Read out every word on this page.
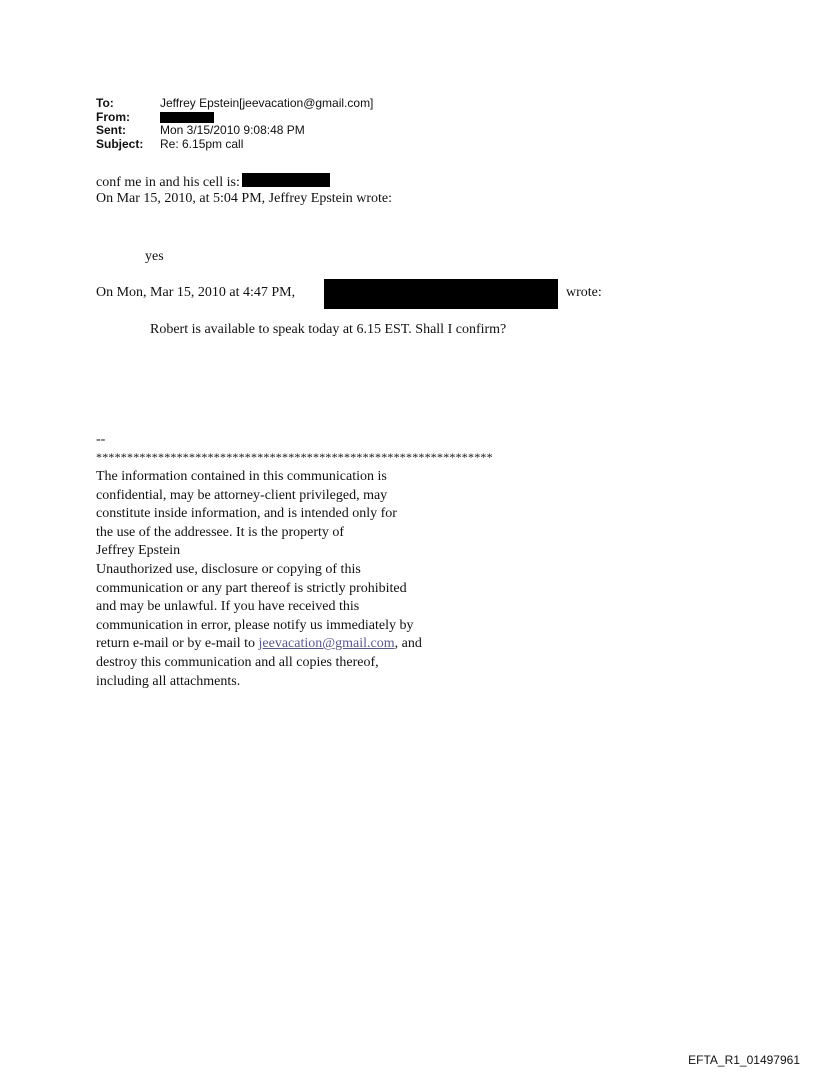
To:	Jeffrey Epstein[jeevacation@gmail.com]
From:
Sent:	Mon 3/15/2010 9:08:48 PM
Subject:	Re: 6.15pm call
conf me in and his cell is:
On Mar 15, 2010, at 5:04 PM, Jeffrey Epstein wrote:
yes
On Mon, Mar 15, 2010 at 4:47 PM,	wrote:
Robert is available to speak today at 6.15 EST. Shall I confirm?
--
****************************************************************
The information contained in this communication is
confidential, may be attorney-client privileged, may
constitute inside information, and is intended only for
the use of the addressee. It is the property of
Jeffrey Epstein
Unauthorized use, disclosure or copying of this
communication or any part thereof is strictly prohibited
and may be unlawful. If you have received this
communication in error, please notify us immediately by
return e-mail or by e-mail to jeevacation@gmail.com, and
destroy this communication and all copies thereof,
including all attachments.
EFTA_R1_01497961
